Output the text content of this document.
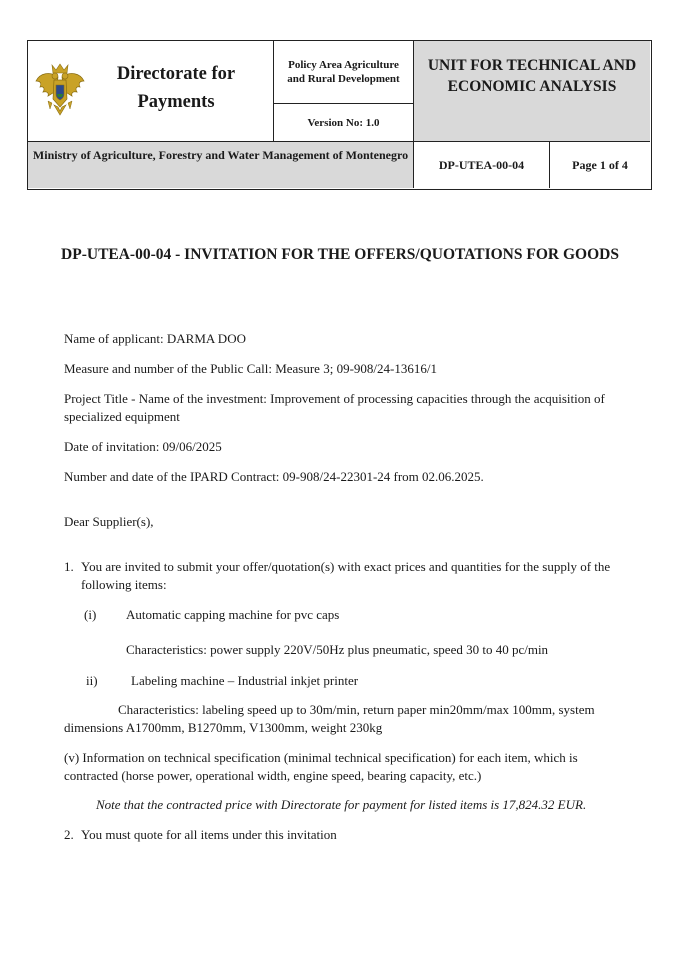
Directorate for Payments
Policy Area Agriculture and Rural Development
Version No: 1.0
UNIT FOR TECHNICAL AND ECONOMIC ANALYSIS
Ministry of Agriculture, Forestry and Water Management of Montenegro
DP-UTEA-00-04	Page 1 of 4
DP-UTEA-00-04 - INVITATION FOR THE OFFERS/QUOTATIONS FOR GOODS
Name of applicant: DARMA DOO
Measure and number of the Public Call: Measure 3; 09-908/24-13616/1
Project Title - Name of the investment: Improvement of processing capacities through the acquisition of specialized equipment
Date of invitation: 09/06/2025
Number and date of the IPARD Contract: 09-908/24-22301-24 from 02.06.2025.
Dear Supplier(s),
1. You are invited to submit your offer/quotation(s) with exact prices and quantities for the supply of the following items:
(i)	Automatic capping machine for pvc caps
Characteristics: power supply 220V/50Hz plus pneumatic, speed 30 to 40 pc/min
ii)	Labeling machine – Industrial inkjet printer
Characteristics: labeling speed up to 30m/min, return paper min20mm/max 100mm, system dimensions A1700mm, B1270mm, V1300mm, weight 230kg
(v) Information on technical specification (minimal technical specification) for each item, which is contracted (horse power, operational width, engine speed, bearing capacity, etc.)
Note that the contracted price with Directorate for payment for listed items is 17,824.32 EUR.
2. You must quote for all items under this invitation
